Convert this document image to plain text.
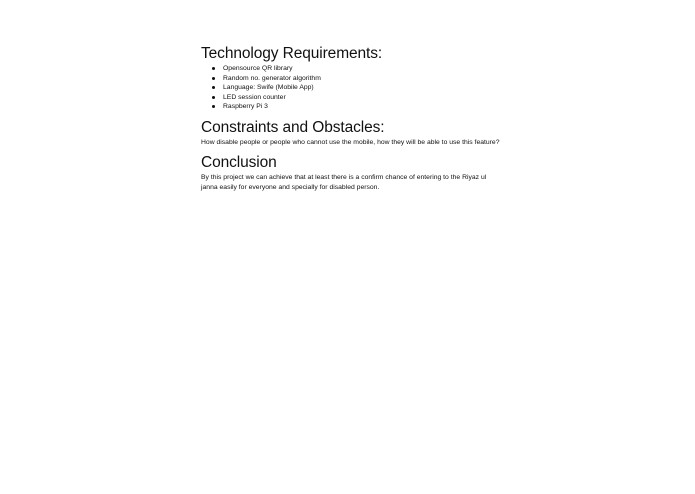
Technology Requirements:
Opensource QR library
Random no. generator algorithm
Language: Swife (Mobile App)
LED session counter
Raspberry Pi 3
Constraints and Obstacles:

How disable people or people who cannot use the mobile, how they will be able to use this feature?

Conclusion

By this project we can achieve that at least there is a confirm chance of entering to the Riyaz ul janna easily for everyone and specially for disabled person.
